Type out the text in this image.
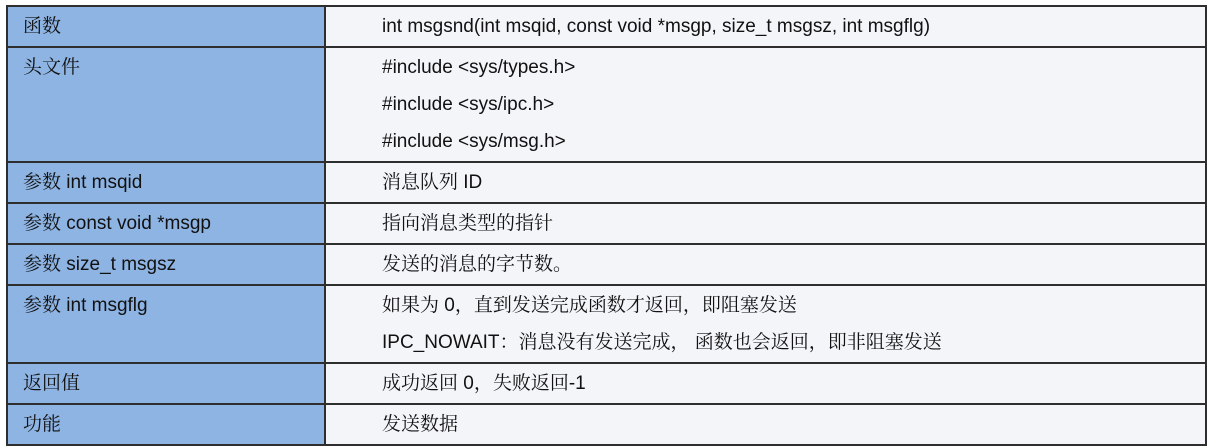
函数	int msgsnd(int msqid, const void *msgp, size_t msgsz, int msgflg)

头文件	#include <sys/types.h>
#include <sys/ipc.h>
#include <sys/msg.h>

参数 int msqid	消息队列 ID

参数 const void *msgp	指向消息类型的指针

参数 size_t msgsz	发送的消息的字节数。

参数 int msgflg	如果为 0，直到发送完成函数才返回，即阻塞发送
IPC_NOWAIT：消息没有发送完成， 函数也会返回，即非阻塞发送

返回值	成功返回 0，失败返回-1

功能	发送数据
